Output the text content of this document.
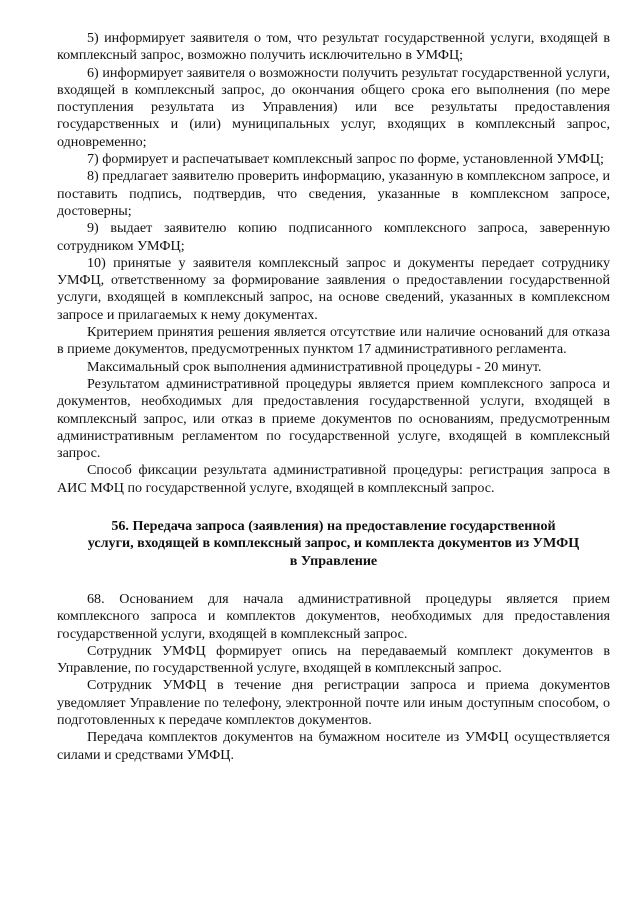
5) информирует заявителя о том, что результат государственной услуги, входящей в комплексный запрос, возможно получить исключительно в УМФЦ;

6) информирует заявителя о возможности получить результат государственной услуги, входящей в комплексный запрос, до окончания общего срока его выполнения (по мере поступления результата из Управления) или все результаты предоставления государственных и (или) муниципальных услуг, входящих в комплексный запрос, одновременно;

7) формирует и распечатывает комплексный запрос по форме, установленной УМФЦ;

8) предлагает заявителю проверить информацию, указанную в комплексном запросе, и поставить подпись, подтвердив, что сведения, указанные в комплексном запросе, достоверны;

9) выдает заявителю копию подписанного комплексного запроса, заверенную сотрудником УМФЦ;

10) принятые у заявителя комплексный запрос и документы передает сотруднику УМФЦ, ответственному за формирование заявления о предоставлении государственной услуги, входящей в комплексный запрос, на основе сведений, указанных в комплексном запросе и прилагаемых к нему документах.

Критерием принятия решения является отсутствие или наличие оснований для отказа в приеме документов, предусмотренных пунктом 17 административного регламента.

Максимальный срок выполнения административной процедуры - 20 минут.

Результатом административной процедуры является прием комплексного запроса и документов, необходимых для предоставления государственной услуги, входящей в комплексный запрос, или отказ в приеме документов по основаниям, предусмотренным административным регламентом по государственной услуге, входящей в комплексный запрос.

Способ фиксации результата административной процедуры: регистрация запроса в АИС МФЦ по государственной услуге, входящей в комплексный запрос.

56. Передача запроса (заявления) на предоставление государственной услуги, входящей в комплексный запрос, и комплекта документов из УМФЦ в Управление

68. Основанием для начала административной процедуры является прием комплексного запроса и комплектов документов, необходимых для предоставления государственной услуги, входящей в комплексный запрос.

Сотрудник УМФЦ формирует опись на передаваемый комплект документов в Управление, по государственной услуге, входящей в комплексный запрос.

Сотрудник УМФЦ в течение дня регистрации запроса и приема документов уведомляет Управление по телефону, электронной почте или иным доступным способом, о подготовленных к передаче комплектов документов.

Передача комплектов документов на бумажном носителе из УМФЦ осуществляется силами и средствами УМФЦ.
